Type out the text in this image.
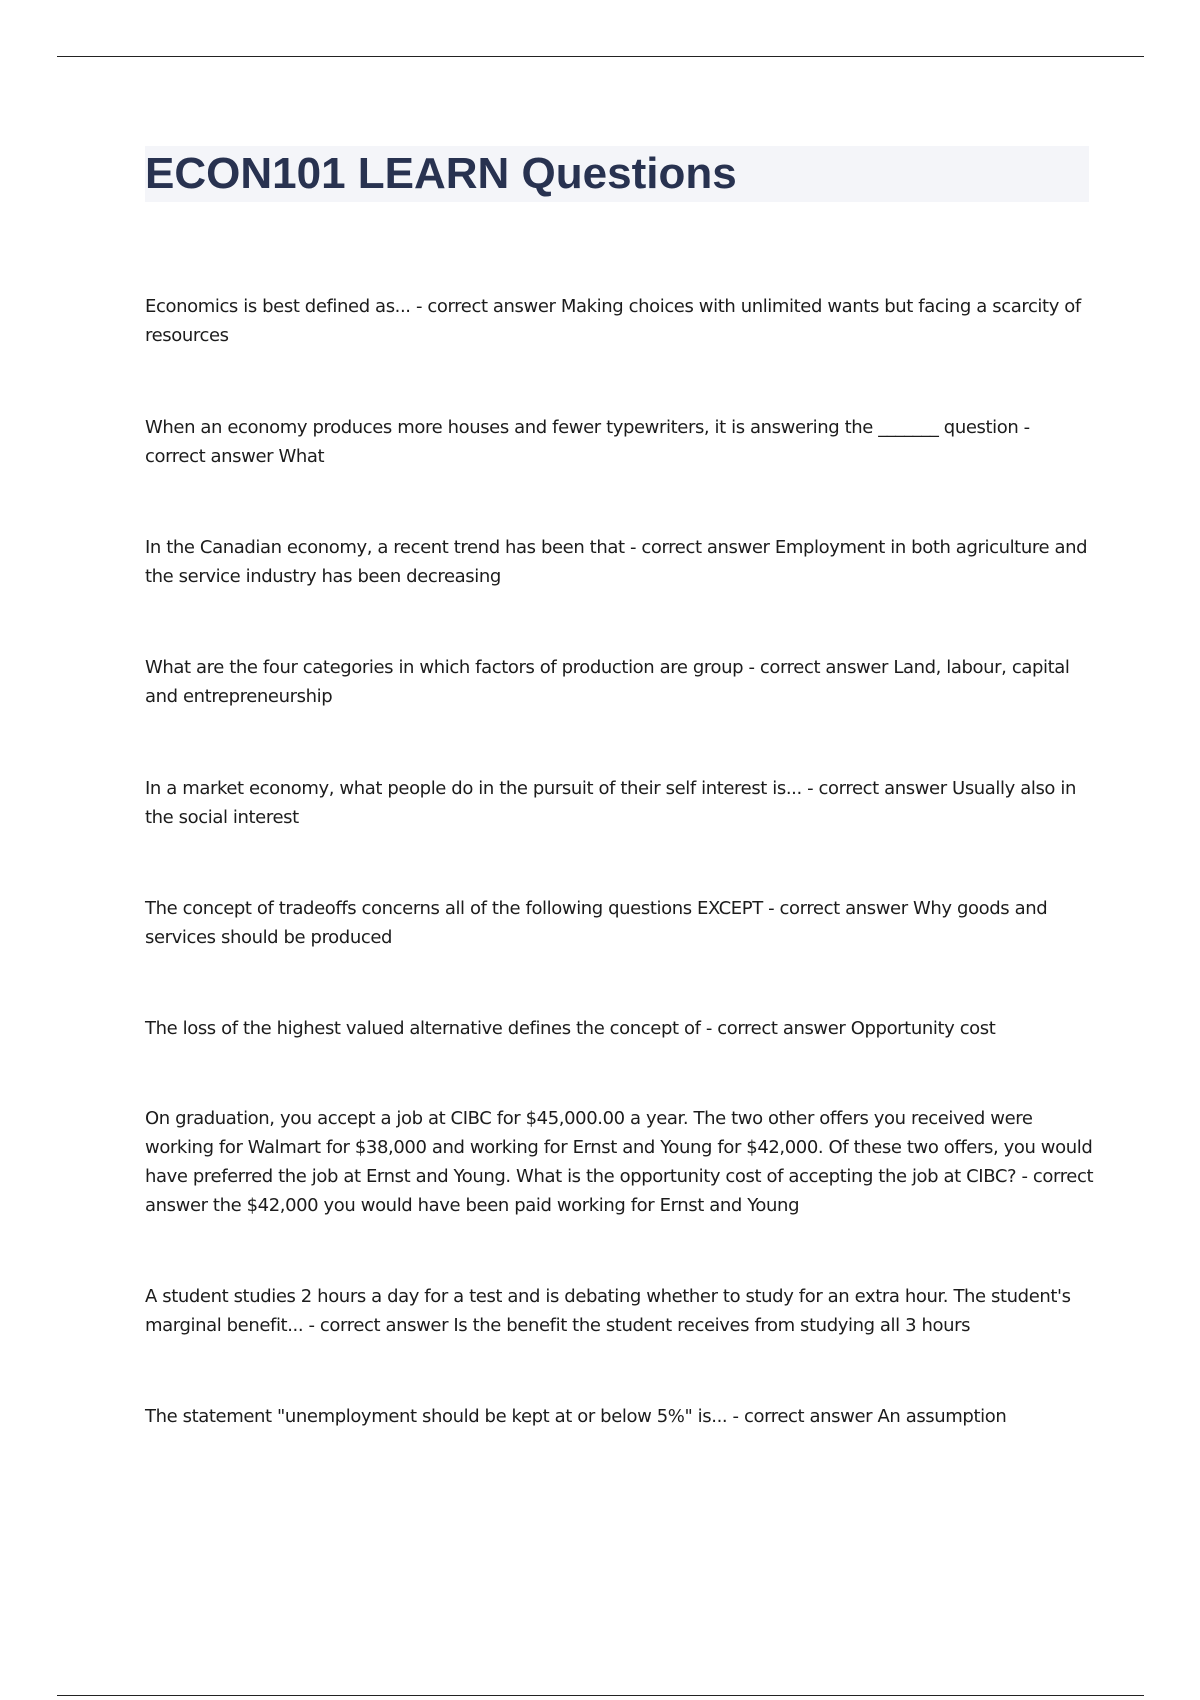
ECON101 LEARN Questions

Economics is best defined as... - correct answer Making choices with unlimited wants but facing a scarcity of resources

When an economy produces more houses and fewer typewriters, it is answering the _______ question - correct answer What

In the Canadian economy, a recent trend has been that - correct answer Employment in both agriculture and the service industry has been decreasing

What are the four categories in which factors of production are group - correct answer Land, labour, capital and entrepreneurship

In a market economy, what people do in the pursuit of their self interest is... - correct answer Usually also in the social interest

The concept of tradeoffs concerns all of the following questions EXCEPT - correct answer Why goods and services should be produced

The loss of the highest valued alternative defines the concept of - correct answer Opportunity cost

On graduation, you accept a job at CIBC for $45,000.00 a year. The two other offers you received were working for Walmart for $38,000 and working for Ernst and Young for $42,000. Of these two offers, you would have preferred the job at Ernst and Young. What is the opportunity cost of accepting the job at CIBC? - correct answer the $42,000 you would have been paid working for Ernst and Young

A student studies 2 hours a day for a test and is debating whether to study for an extra hour. The student's marginal benefit... - correct answer Is the benefit the student receives from studying all 3 hours

The statement "unemployment should be kept at or below 5%" is... - correct answer An assumption
